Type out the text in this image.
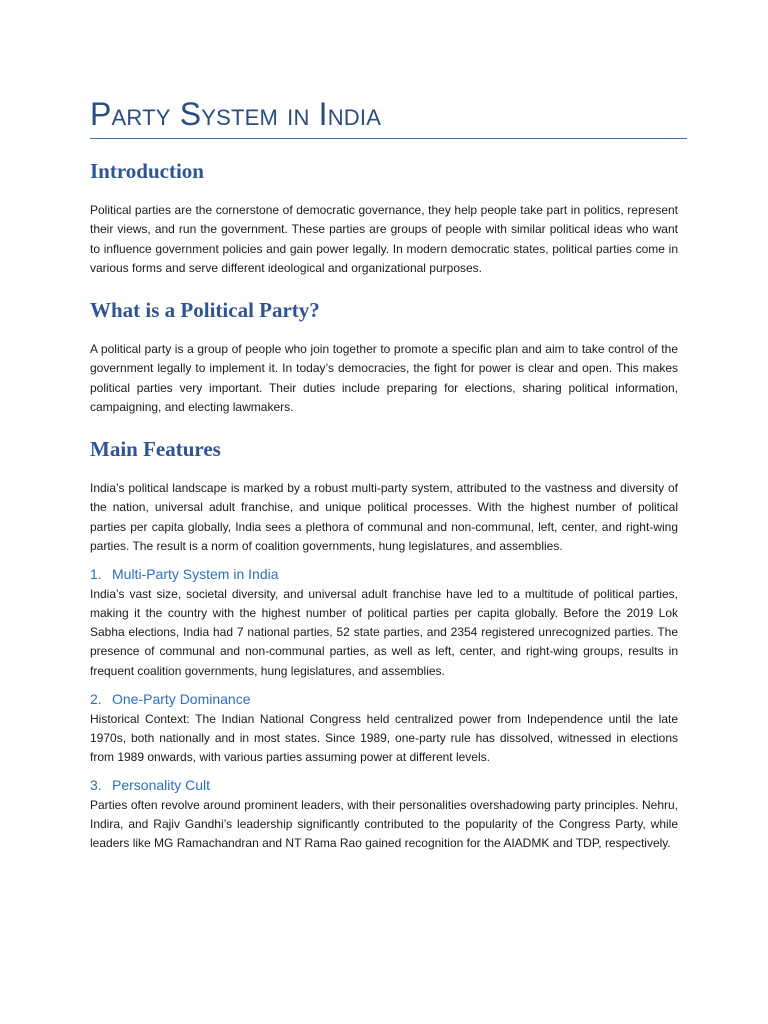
Party System in India
Introduction

Political parties are the cornerstone of democratic governance, they help people take part in politics, represent their views, and run the government. These parties are groups of people with similar political ideas who want to influence government policies and gain power legally. In modern democratic states, political parties come in various forms and serve different ideological and organizational purposes.

What is a Political Party?

A political party is a group of people who join together to promote a specific plan and aim to take control of the government legally to implement it. In today’s democracies, the fight for power is clear and open. This makes political parties very important. Their duties include preparing for elections, sharing political information, campaigning, and electing lawmakers.

Main Features

India’s political landscape is marked by a robust multi-party system, attributed to the vastness and diversity of the nation, universal adult franchise, and unique political processes. With the highest number of political parties per capita globally, India sees a plethora of communal and non-communal, left, center, and right-wing parties. The result is a norm of coalition governments, hung legislatures, and assemblies.

1. Multi-Party System in India

India’s vast size, societal diversity, and universal adult franchise have led to a multitude of political parties, making it the country with the highest number of political parties per capita globally. Before the 2019 Lok Sabha elections, India had 7 national parties, 52 state parties, and 2354 registered unrecognized parties. The presence of communal and non-communal parties, as well as left, center, and right-wing groups, results in frequent coalition governments, hung legislatures, and assemblies.

2. One-Party Dominance

Historical Context: The Indian National Congress held centralized power from Independence until the late 1970s, both nationally and in most states. Since 1989, one-party rule has dissolved, witnessed in elections from 1989 onwards, with various parties assuming power at different levels.

3. Personality Cult

Parties often revolve around prominent leaders, with their personalities overshadowing party principles. Nehru, Indira, and Rajiv Gandhi’s leadership significantly contributed to the popularity of the Congress Party, while leaders like MG Ramachandran and NT Rama Rao gained recognition for the AIADMK and TDP, respectively.
